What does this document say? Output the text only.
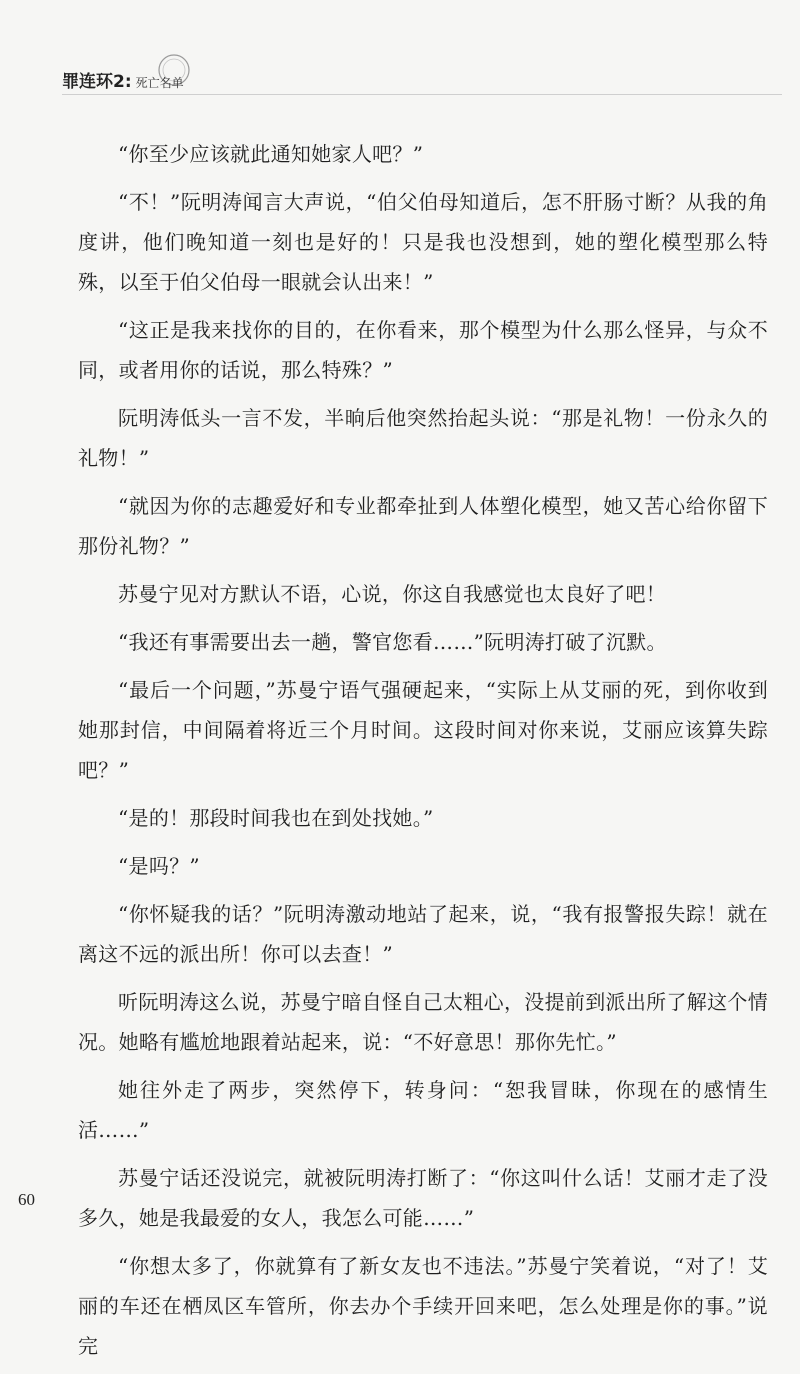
罪连环2: 死亡名单

“你至少应该就此通知她家人吧？”

“不！”阮明涛闻言大声说，“伯父伯母知道后，怎不肝肠寸断？从我的角度讲，他们晚知道一刻也是好的！只是我也没想到，她的塑化模型那么特殊，以至于伯父伯母一眼就会认出来！”

“这正是我来找你的目的，在你看来，那个模型为什么那么怪异，与众不同，或者用你的话说，那么特殊？”

阮明涛低头一言不发，半晌后他突然抬起头说：“那是礼物！一份永久的礼物！”

“就因为你的志趣爱好和专业都牵扯到人体塑化模型，她又苦心给你留下那份礼物？”

苏曼宁见对方默认不语，心说，你这自我感觉也太良好了吧！

“我还有事需要出去一趟，警官您看……”阮明涛打破了沉默。

“最后一个问题，”苏曼宁语气强硬起来，“实际上从艾丽的死，到你收到她那封信，中间隔着将近三个月时间。这段时间对你来说，艾丽应该算失踪吧？”

“是的！那段时间我也在到处找她。”

“是吗？”

“你怀疑我的话？”阮明涛激动地站了起来，说，“我有报警报失踪！就在离这不远的派出所！你可以去查！”

听阮明涛这么说，苏曼宁暗自怪自己太粗心，没提前到派出所了解这个情况。她略有尴尬地跟着站起来，说：“不好意思！那你先忙。”

她往外走了两步，突然停下，转身问：“恕我冒昧，你现在的感情生活……”

苏曼宁话还没说完，就被阮明涛打断了：“你这叫什么话！艾丽才走了没多久，她是我最爱的女人，我怎么可能……”

“你想太多了，你就算有了新女友也不违法。”苏曼宁笑着说，“对了！艾丽的车还在栖凤区车管所，你去办个手续开回来吧，怎么处理是你的事。”说完

60
